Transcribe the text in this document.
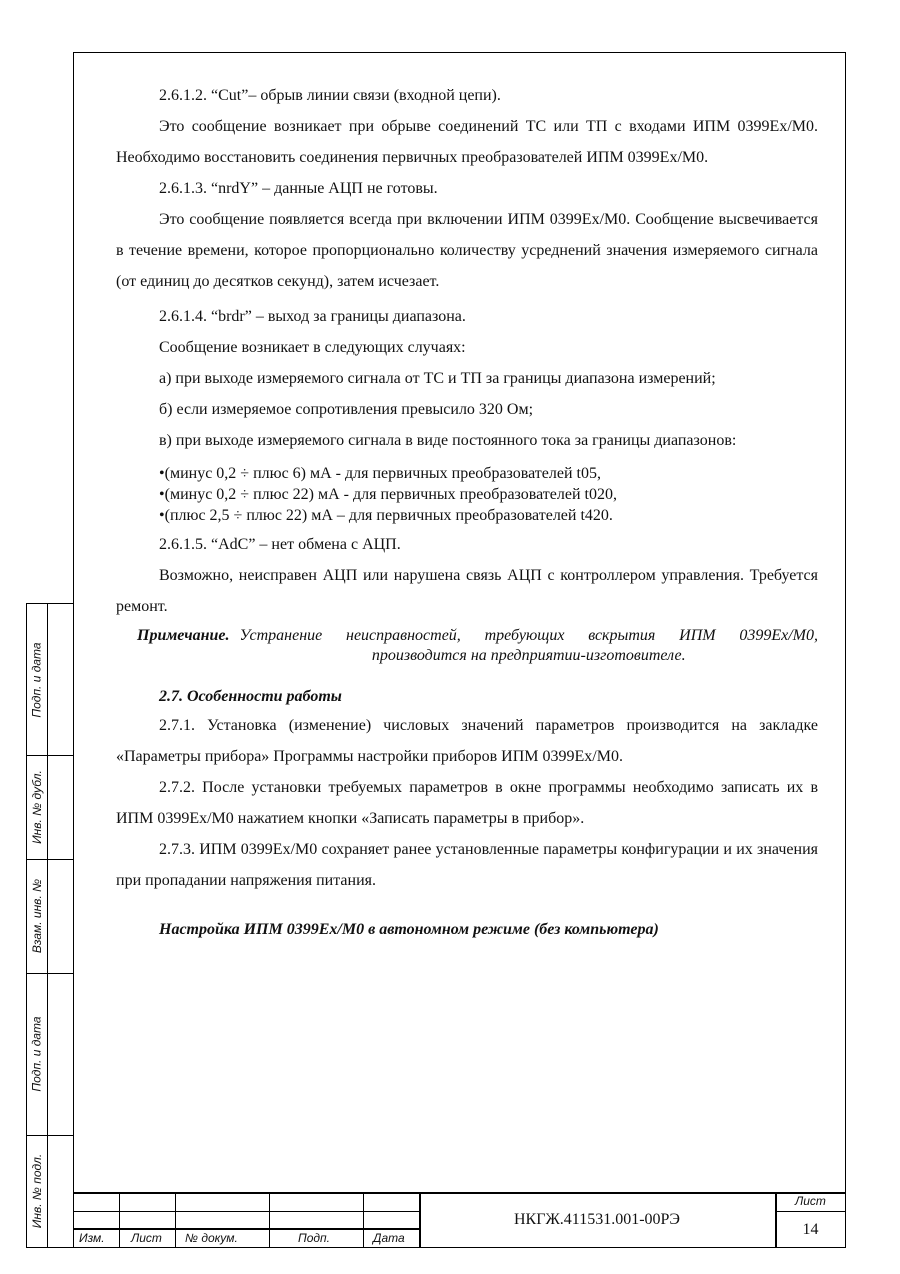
Подп. и дата
Инв. № дубл.
Взам. инв. №
Подп. и дата
Инв. № подл.

2.6.1.2. “Cut”– обрыв линии связи (входной цепи).

Это сообщение возникает при обрыве соединений ТС или ТП с входами ИПМ 0399Ex/M0. Необходимо восстановить соединения первичных преобразователей ИПМ 0399Ex/M0.

2.6.1.3. “nrdY” – данные АЦП не готовы.

Это сообщение появляется всегда при включении ИПМ 0399Ex/M0. Сообщение высвечивается в течение времени, которое пропорционально количеству усреднений значения измеряемого сигнала (от единиц до десятков секунд), затем исчезает.

2.6.1.4. “brdr” – выход за границы диапазона.

Сообщение возникает в следующих случаях:

а) при выходе измеряемого сигнала от ТС и ТП за границы диапазона измерений;

б) если измеряемое сопротивления превысило 320 Ом;

в) при выходе измеряемого сигнала в виде постоянного тока за границы диапазонов:

•(минус 0,2 ÷ плюс 6) мА - для первичных преобразователей t05,
•(минус 0,2 ÷ плюс 22) мА - для первичных преобразователей t020,
•(плюс 2,5 ÷ плюс 22) мА – для первичных преобразователей t420.

2.6.1.5. “AdC” – нет обмена с АЦП.

Возможно, неисправен АЦП или нарушена связь АЦП с контроллером управления. Требуется ремонт.

Примечание. Устранение неисправностей, требующих вскрытия ИПМ 0399Ex/M0, производится на предприятии-изготовителе.

2.7. Особенности работы

2.7.1. Установка (изменение) числовых значений параметров производится на закладке «Параметры прибора» Программы настройки приборов ИПМ 0399Ex/M0.

2.7.2. После установки требуемых параметров в окне программы необходимо записать их в ИПМ 0399Ex/M0 нажатием кнопки «Записать параметры в прибор».

2.7.3. ИПМ 0399Ex/M0 сохраняет ранее установленные параметры конфигурации и их значения при пропадании напряжения питания.

Настройка ИПМ 0399Ex/M0 в автономном режиме (без компьютера)

Изм. Лист № докум.	Подп.	Дата
НКГЖ.411531.001-00РЭ
Лист
14
